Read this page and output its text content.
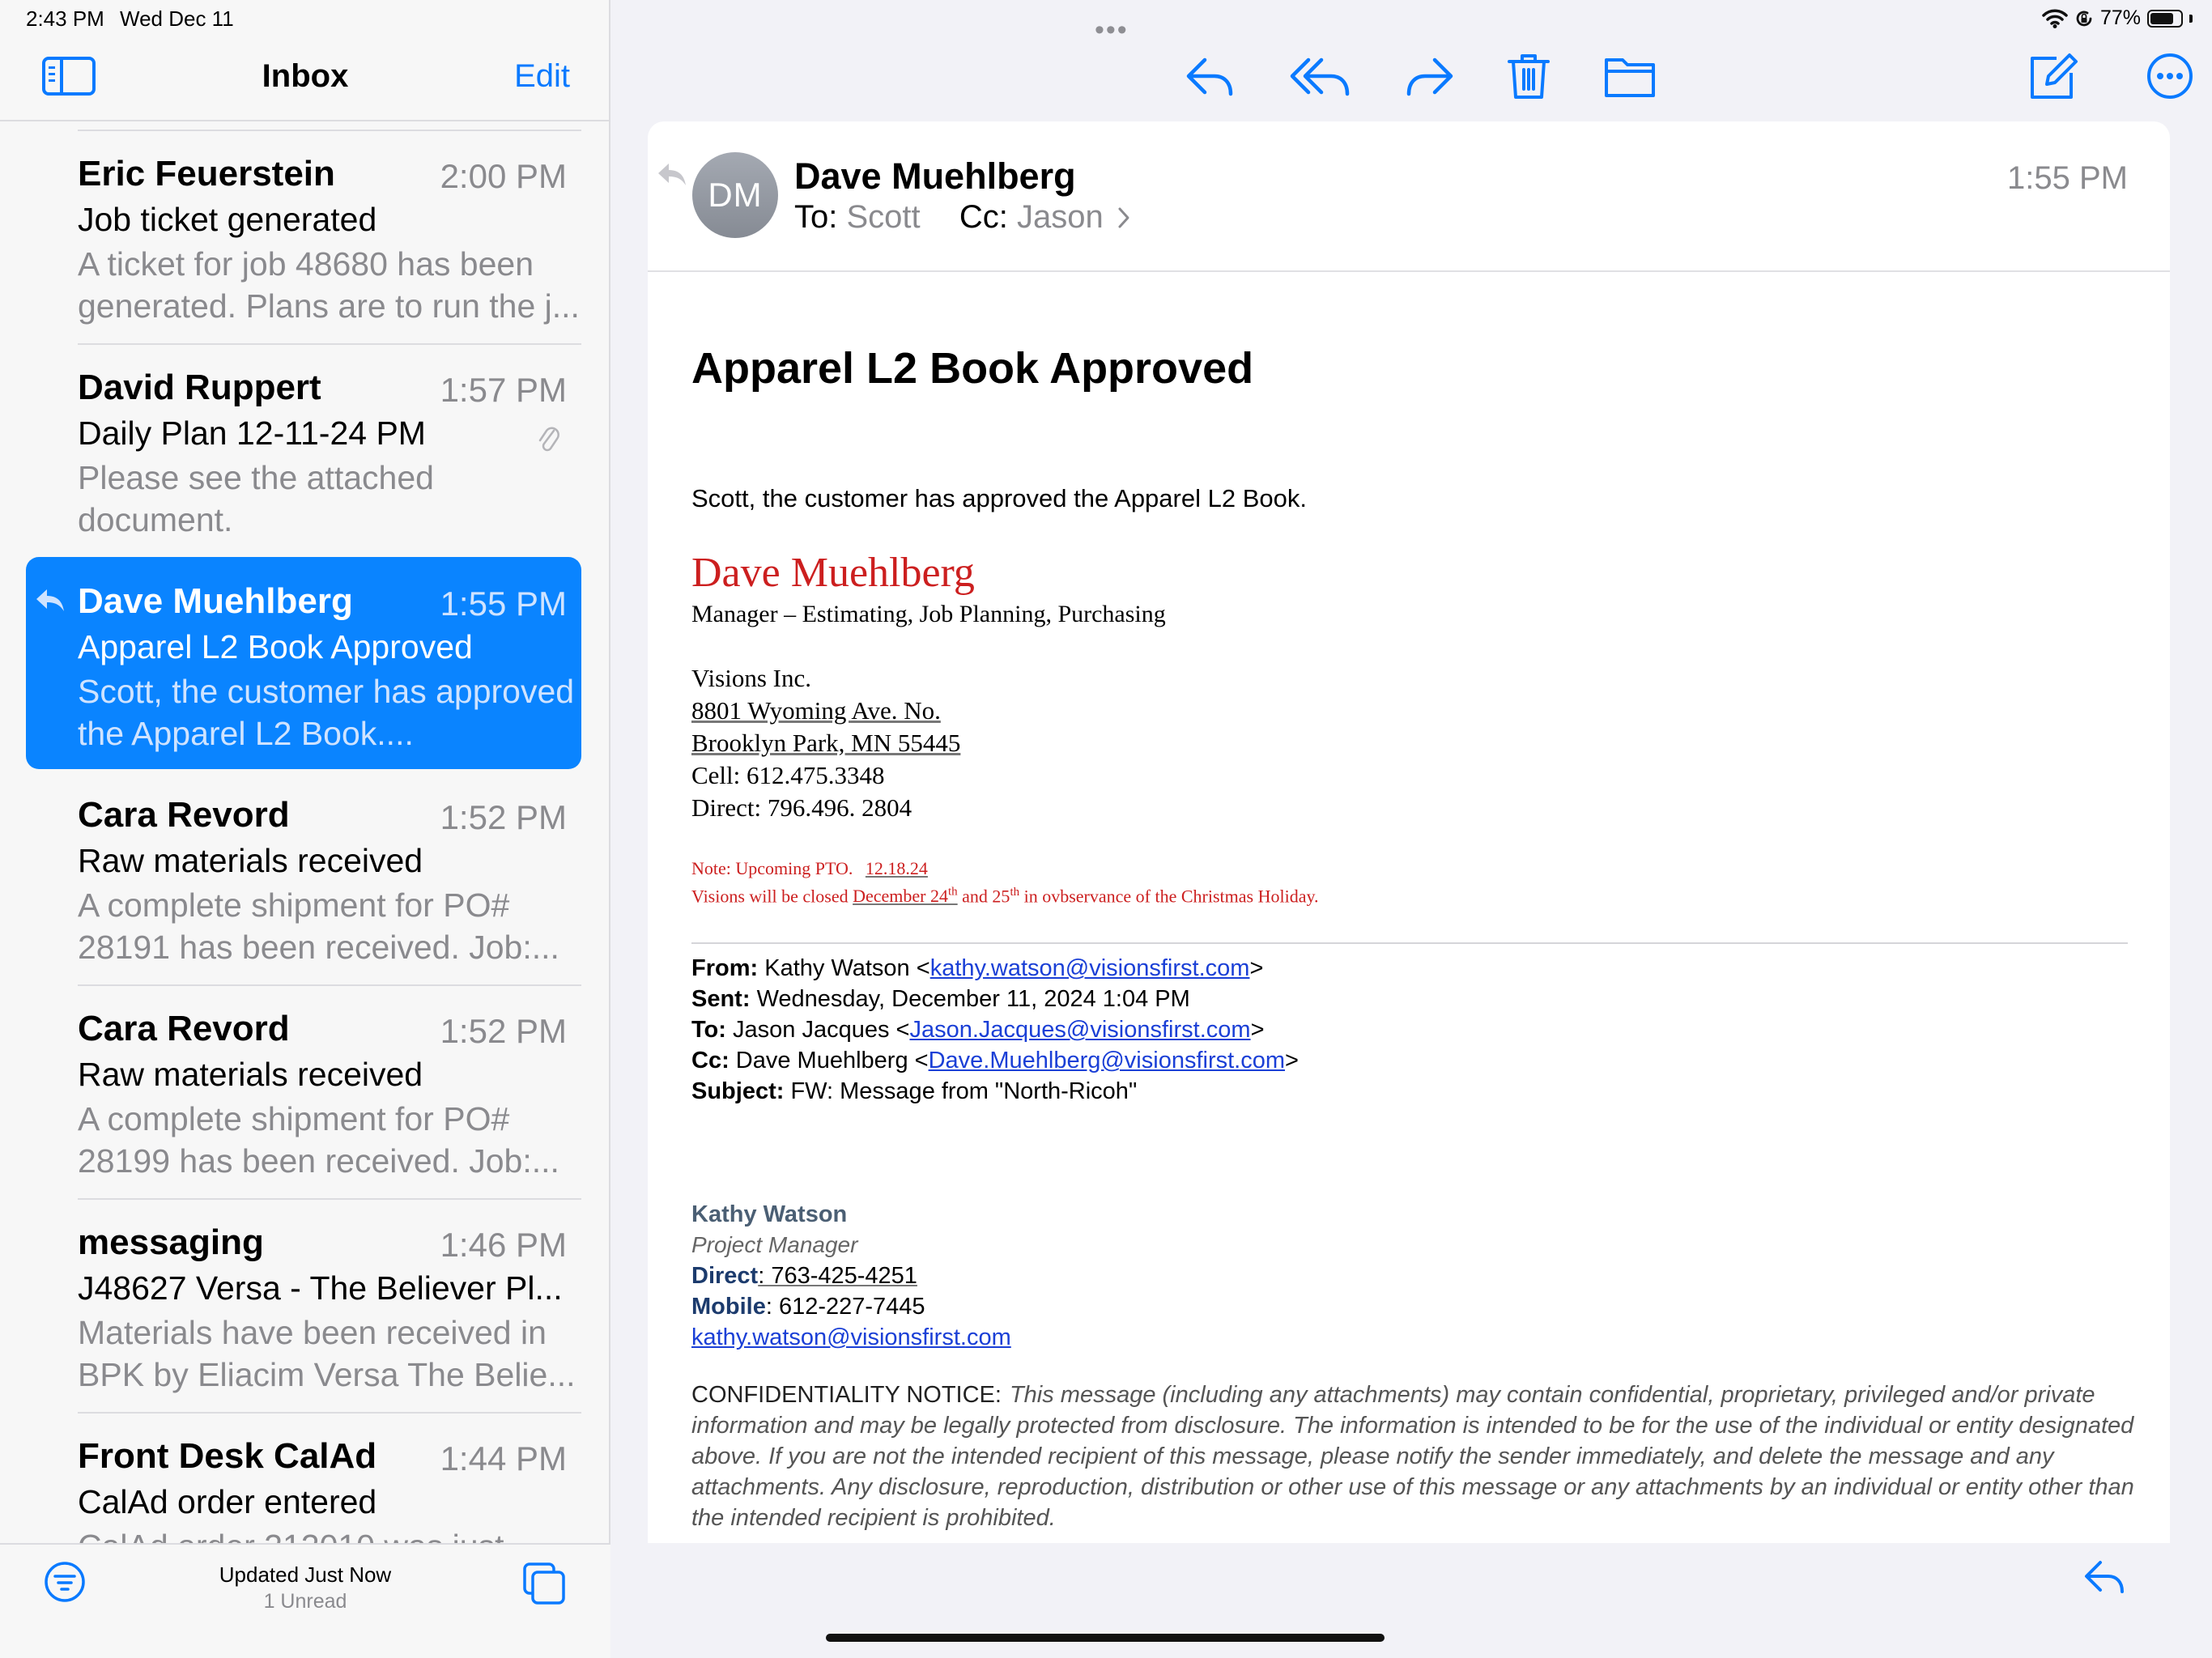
Inbox	Edit
Eric Feuerstein	2:00 PM
Job ticket generated
A ticket for job 48680 has been generated. Plans are to run the j...
David Ruppert	1:57 PM
Daily Plan 12-11-24 PM
Please see the attached document.
Dave Muehlberg	1:55 PM
Apparel L2 Book Approved
Scott, the customer has approved the Apparel L2 Book....
Cara Revord	1:52 PM
Raw materials received
A complete shipment for PO# 28191 has been received. Job:...
Cara Revord	1:52 PM
Raw materials received
A complete shipment for PO# 28199 has been received. Job:...
messaging	1:46 PM
J48627 Versa - The Believer Pl...
Materials have been received in BPK by Eliacim Versa The Belie...
Front Desk CalAd 1:44 PM
CalAd order entered
Updated Just Now
1 Unread
2:43 PM Wed Dec 11	•••	77%
DM Dave Muehlberg
To: Scott Cc: Jason
1:55 PM
Apparel L2 Book Approved
Scott, the customer has approved the Apparel L2 Book.
Dave Muehlberg
Manager – Estimating, Job Planning, Purchasing
Visions Inc.
8801 Wyoming Ave. No.
Brooklyn Park, MN 55445
Cell: 612.475.3348
Direct: 796.496. 2804
Note: Upcoming PTO. 12.18.24
Visions will be closed December 24th and 25th in ovbservance of the Christmas Holiday.
From: Kathy Watson <kathy.watson@visionsfirst.com>
Sent: Wednesday, December 11, 2024 1:04 PM
To: Jason Jacques <Jason.Jacques@visionsfirst.com>
Cc: Dave Muehlberg <Dave.Muehlberg@visionsfirst.com>
Subject: FW: Message from "North-Ricoh"
Kathy Watson
Project Manager
Direct: 763-425-4251
Mobile: 612-227-7445
kathy.watson@visionsfirst.com
CONFIDENTIALITY NOTICE: This message (including any attachments) may contain confidential, proprietary, privileged and/or private information and may be legally protected from disclosure. The information is intended to be for the use of the individual or entity designated above. If you are not the intended recipient of this message, please notify the sender immediately, and delete the message and any attachments. Any disclosure, reproduction, distribution or other use of this message or any attachments by an individual or entity other than the intended recipient is prohibited.
